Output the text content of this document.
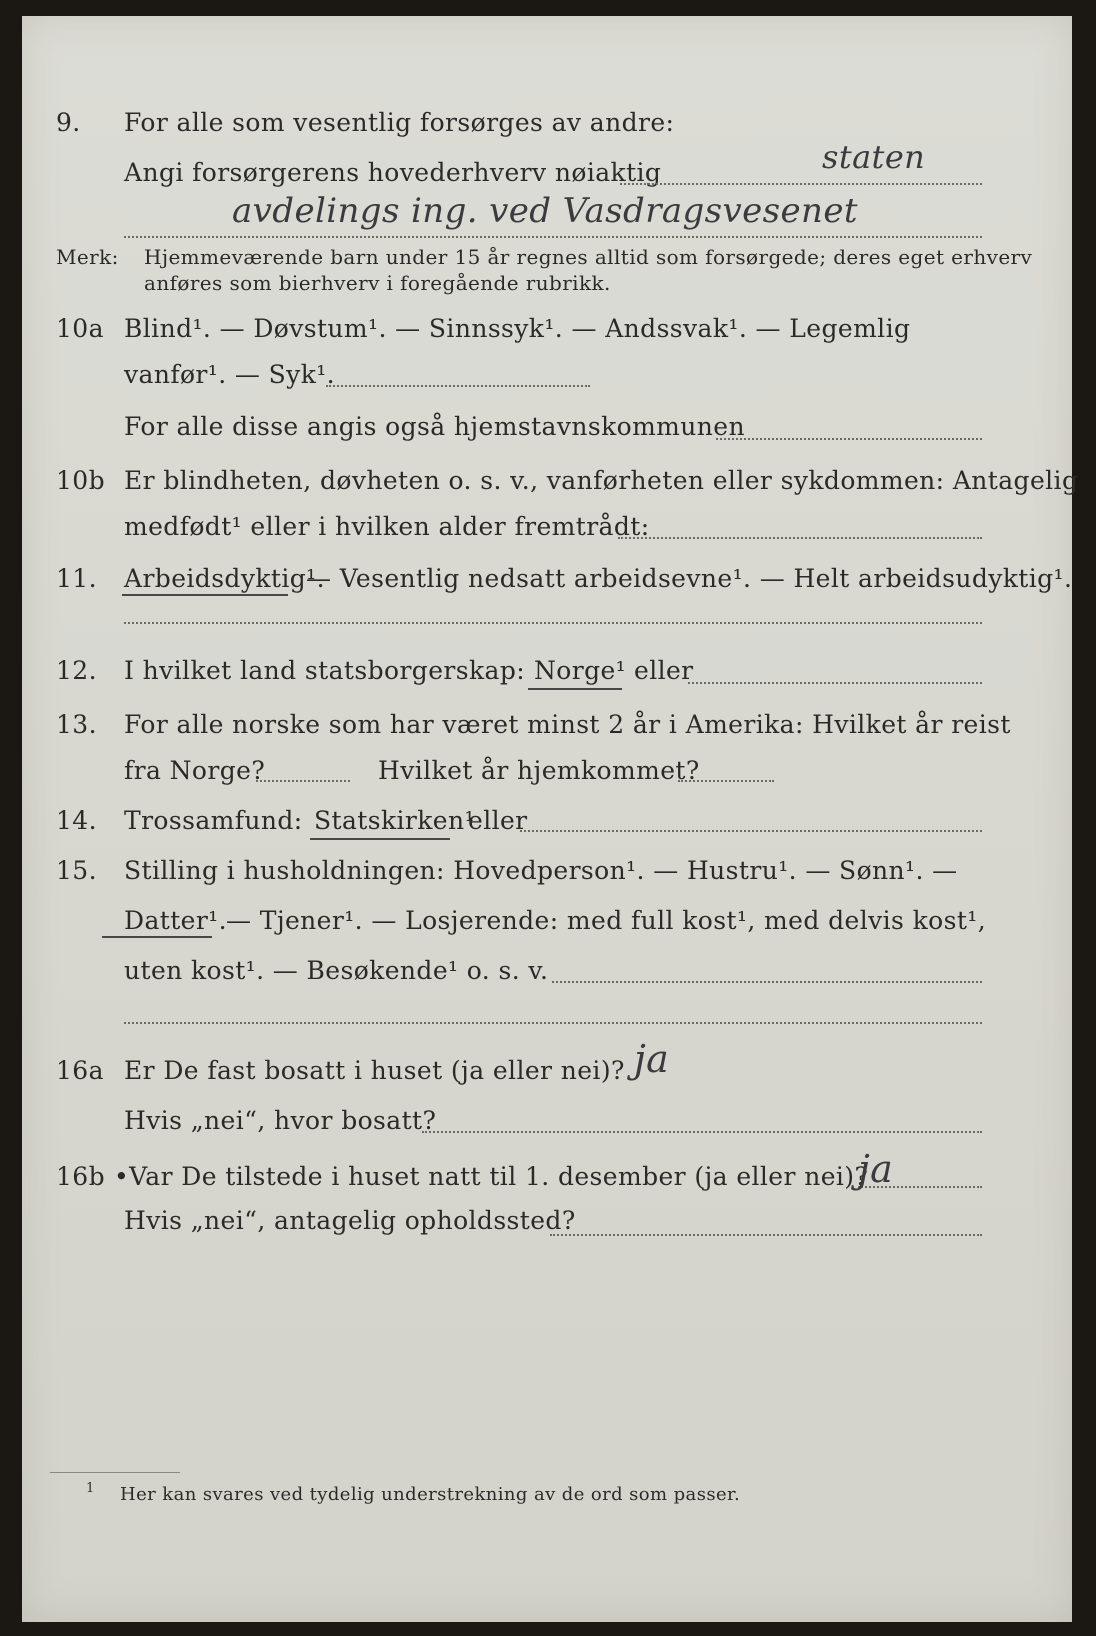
9. For alle som vesentlig forsørges av andre:
Angi forsørgerens hovederhverv nøiaktig	staten
avdelings ing. ved Vasdragsvesenet
Merk: Hjemmeværende barn under 15 år regnes alltid som forsørgede; deres eget erhverv
anføres som bierhverv i foregående rubrikk.
10a Blind¹. — Døvstum¹. — Sinnssyk¹. — Andssvak¹. — Legemlig
vanfør¹. — Syk¹.
For alle disse angis også hjemstavnskommunen
10b Er blindheten, døvheten o. s. v., vanførheten eller sykdommen: Antagelig
medfødt¹ eller i hvilken alder fremtrådt:
11. Arbeidsdyktig¹.
— Vesentlig nedsatt arbeidsevne¹. — Helt arbeidsudyktig¹.
12. I hvilket land statsborgerskap: Norge¹ eller
13. For alle norske som har været minst 2 år i Amerika: Hvilket år reist
fra Norge?	Hvilket år hjemkommet?
14. Trossamfund: Statskirken¹
eller
15. Stilling i husholdningen: Hovedperson¹. — Hustru¹. — Sønn¹. —
Datter¹. — Tjener¹. — Losjerende: med full kost¹, med delvis kost¹,
uten kost¹. — Besøkende¹ o. s. v.
16a Er De fast bosatt i huset (ja eller nei)? ja
Hvis „nei“, hvor bosatt?
16b •Var De tilstede i huset natt til 1. desember (ja eller nei)?
ja
Hvis „nei“, antagelig opholdssted?
1 Her kan svares ved tydelig understrekning av de ord som passer.
